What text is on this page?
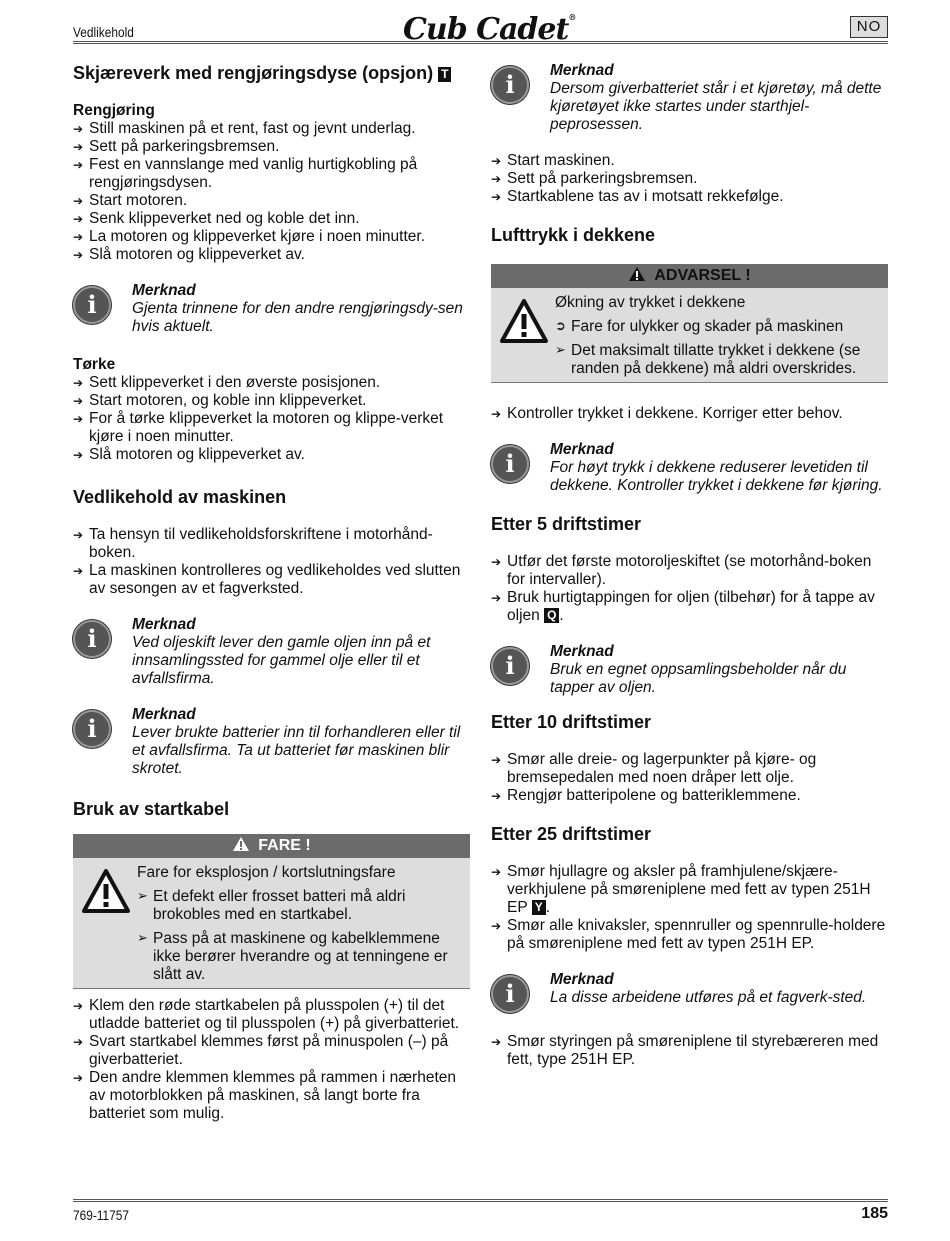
Vedlikehold	Cub Cadet®
NO
Skjæreverk med rengjøringsdyse (opsjon) T
Rengjøring
➔ Still maskinen på et rent, fast og jevnt underlag.
➔ Sett på parkeringsbremsen.
➔ Fest en vannslange med vanlig hurtigkobling på rengjøringsdysen.
➔ Start motoren.
➔ Senk klippeverket ned og koble det inn.
➔ La motoren og klippeverket kjøre i noen minutter.
➔ Slå motoren og klippeverket av.
i
Merknad
Gjenta trinnene for den andre rengjøringsdy-sen hvis aktuelt.
Tørke
➔ Sett klippeverket i den øverste posisjonen.
➔ Start motoren, og koble inn klippeverket.
➔ For å tørke klippeverket la motoren og klippe-verket kjøre i noen minutter.
➔ Slå motoren og klippeverket av.
Vedlikehold av maskinen
➔ Ta hensyn til vedlikeholdsforskriftene i motorhånd-boken.
➔ La maskinen kontrolleres og vedlikeholdes ved slutten av sesongen av et fagverksted.
i
Merknad
Ved oljeskift lever den gamle oljen inn på et innsamlingssted for gammel olje eller til et avfallsfirma.
i
Merknad
Lever brukte batterier inn til forhandleren eller til et avfallsfirma. Ta ut batteriet før maskinen blir skrotet.
Bruk av startkabel
FARE !
Fare for eksplosjon / kortslutningsfare
➢ Et defekt eller frosset batteri må aldri brokobles med en startkabel.
➢ Pass på at maskinene og kabelklemmene ikke berører hverandre og at tenningene er slått av.
➔ Klem den røde startkabelen på plusspolen (+) til det utladde batteriet og til plusspolen (+) på giverbatteriet.
➔ Svart startkabel klemmes først på minuspolen (–) på giverbatteriet.
➔ Den andre klemmen klemmes på rammen i nærheten av motorblokken på maskinen, så langt borte fra batteriet som mulig.
i
Merknad
Dersom giverbatteriet står i et kjøretøy, må dette kjøretøyet ikke startes under starthjel-peprosessen.
➔ Start maskinen.
➔ Sett på parkeringsbremsen.
➔ Startkablene tas av i motsatt rekkefølge.
Lufttrykk i dekkene
ADVARSEL !
Økning av trykket i dekkene
➲ Fare for ulykker og skader på maskinen
➢ Det maksimalt tillatte trykket i dekkene (se randen på dekkene) må aldri overskrides.
➔ Kontroller trykket i dekkene. Korriger etter behov.
i
Merknad
For høyt trykk i dekkene reduserer levetiden til dekkene. Kontroller trykket i dekkene før kjøring.
Etter 5 driftstimer
➔ Utfør det første motoroljeskiftet (se motorhånd-boken for intervaller).
➔ Bruk hurtigtappingen for oljen (tilbehør) for å tappe av oljen Q .
i
Merknad
Bruk en egnet oppsamlingsbeholder når du tapper av oljen.
Etter 10 driftstimer
➔ Smør alle dreie- og lagerpunkter på kjøre- og bremsepedalen med noen dråper lett olje.
➔ Rengjør batteripolene og batteriklemmene.
Etter 25 driftstimer
➔ Smør hjullagre og aksler på framhjulene/skjære-verkhjulene på smøreniplene med fett av typen 251H EP Y .
➔ Smør alle knivaksler, spennruller og spennrulle-holdere på smøreniplene med fett av typen 251H EP.
i
Merknad
La disse arbeidene utføres på et fagverk-sted.
➔ Smør styringen på smøreniplene til styrebæreren med fett, type 251H EP.
769-11757	185
